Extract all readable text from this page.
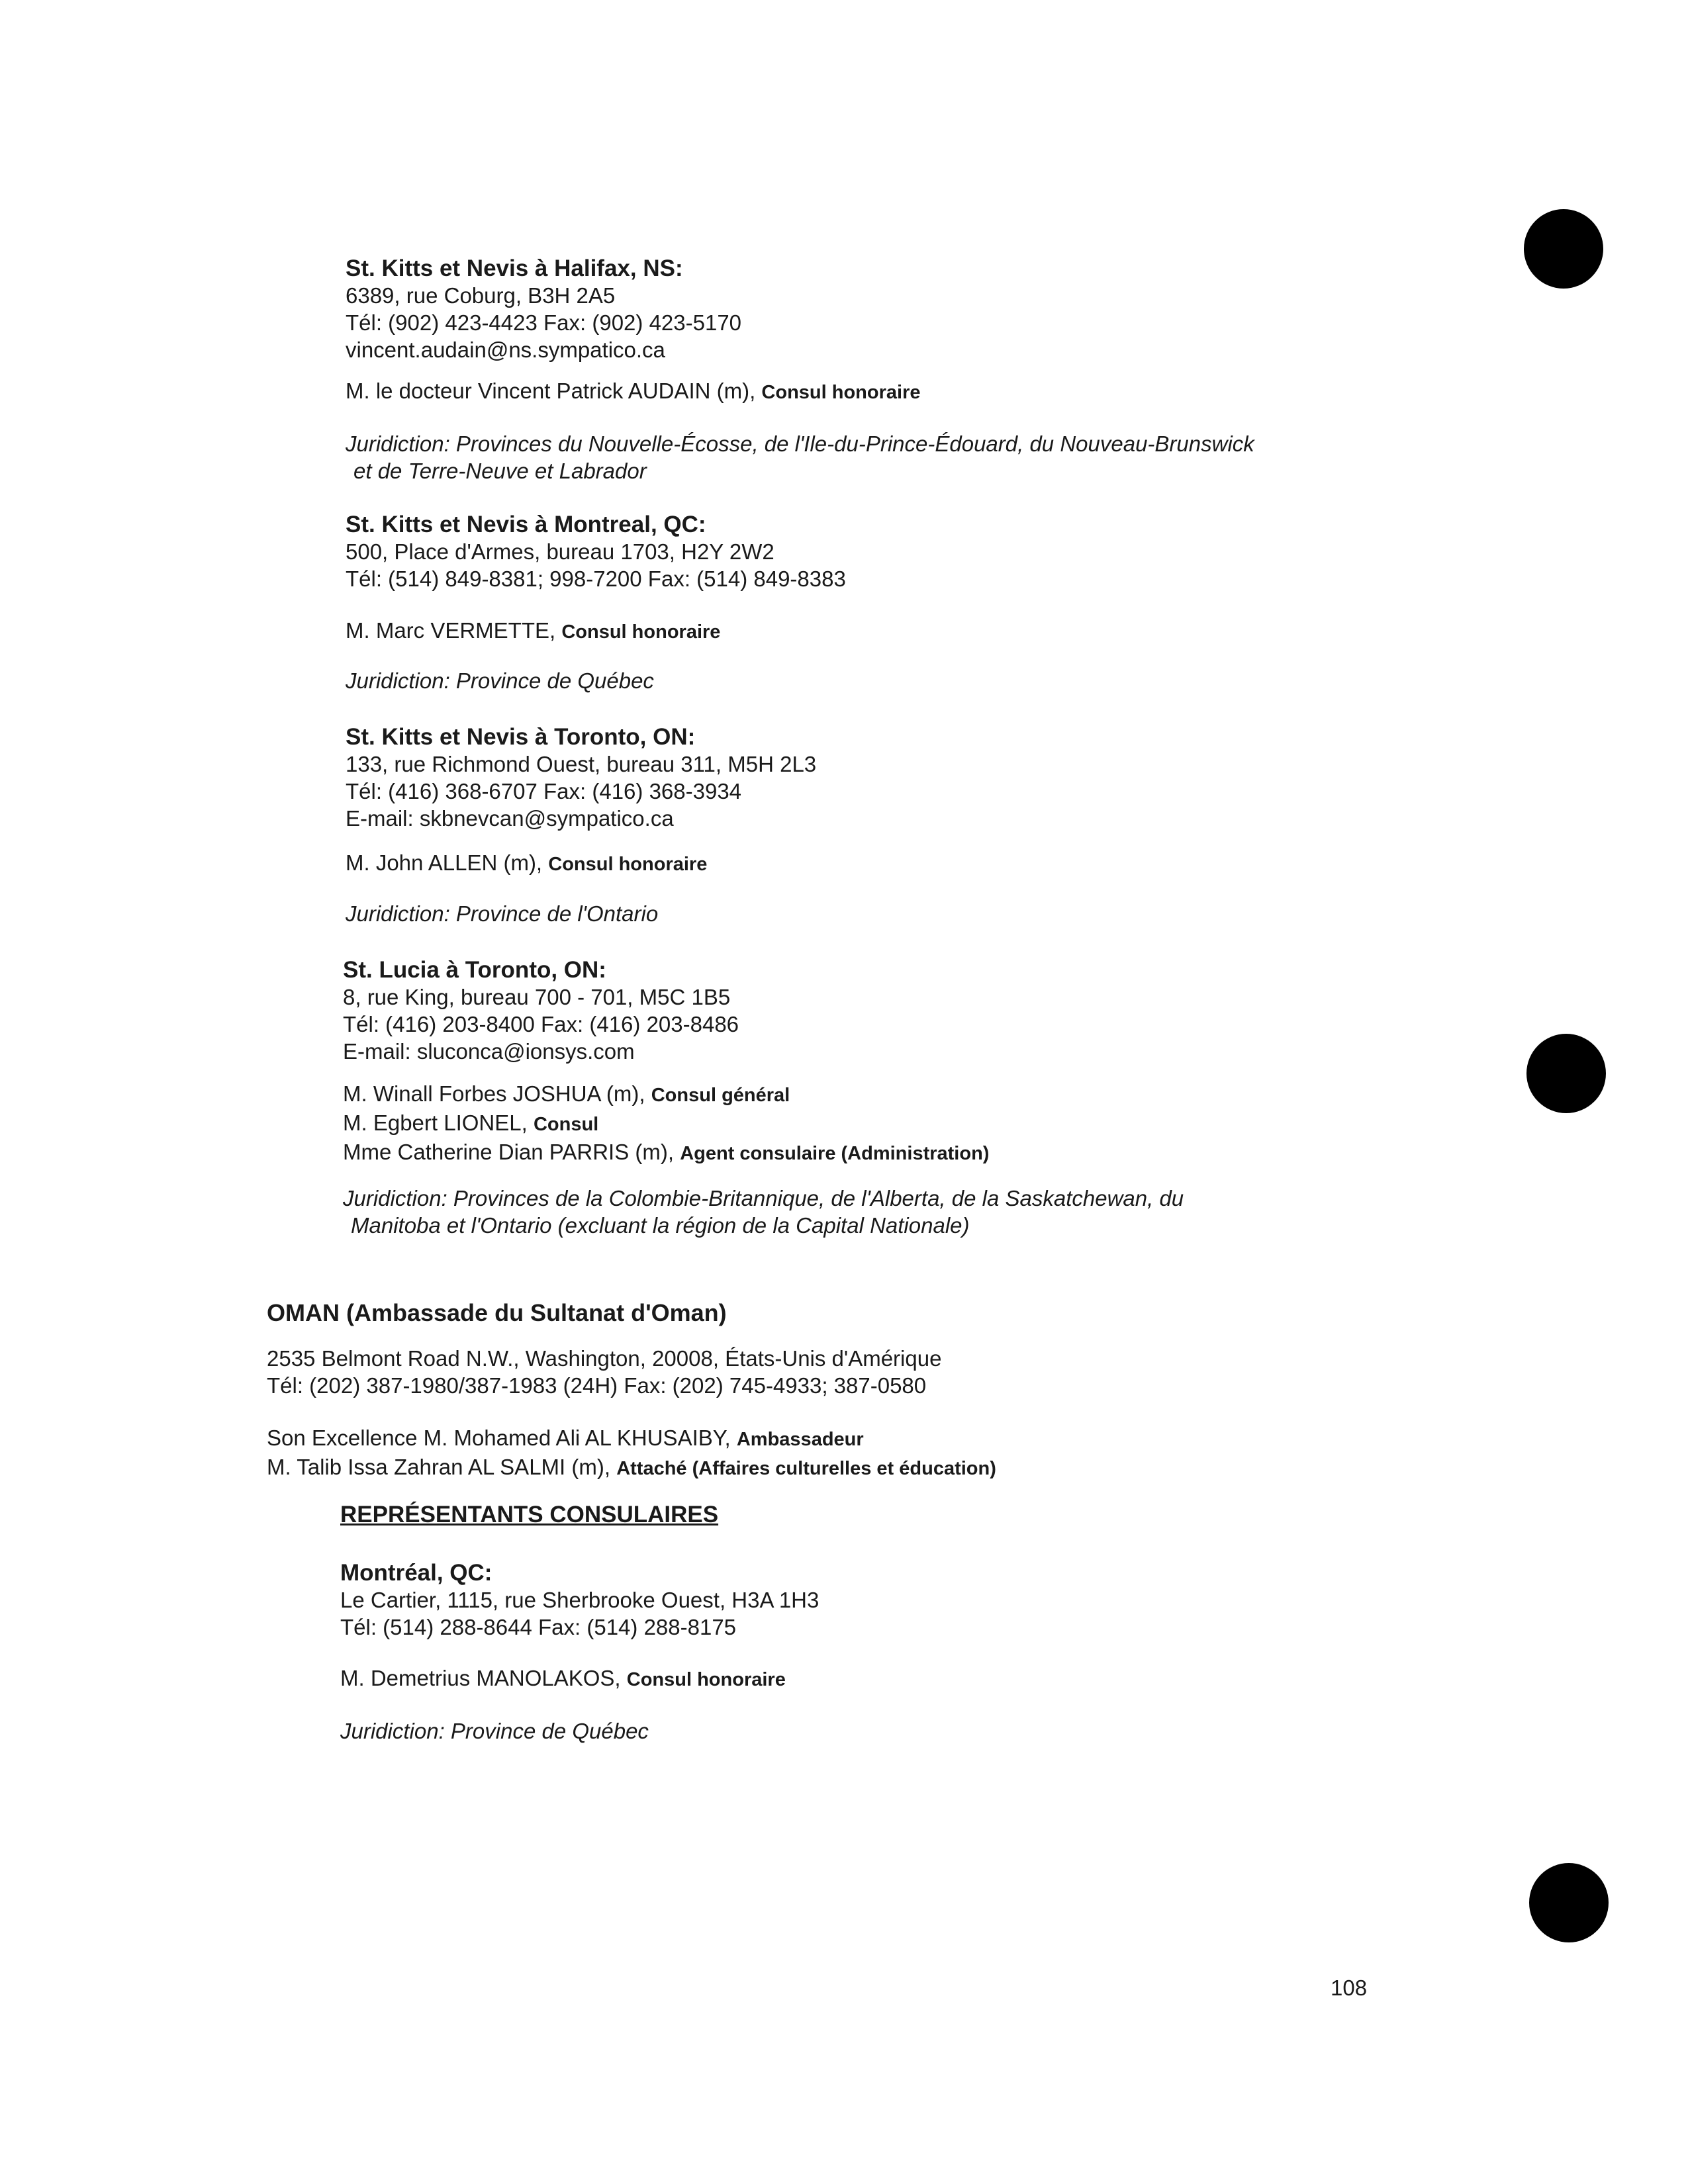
St. Kitts et Nevis à Halifax, NS:
6389, rue Coburg, B3H 2A5
Tél: (902) 423-4423 Fax: (902) 423-5170
vincent.audain@ns.sympatico.ca
M. le docteur Vincent Patrick AUDAIN (m), Consul honoraire
Juridiction: Provinces du Nouvelle-Écosse, de l'Ile-du-Prince-Édouard, du Nouveau-Brunswick
et de Terre-Neuve et Labrador
St. Kitts et Nevis à Montreal, QC:
500, Place d'Armes, bureau 1703, H2Y 2W2
Tél: (514) 849-8381; 998-7200 Fax: (514) 849-8383
M. Marc VERMETTE, Consul honoraire
Juridiction: Province de Québec
St. Kitts et Nevis à Toronto, ON:
133, rue Richmond Ouest, bureau 311, M5H 2L3
Tél: (416) 368-6707 Fax: (416) 368-3934
E-mail: skbnevcan@sympatico.ca
M. John ALLEN (m), Consul honoraire
Juridiction: Province de l'Ontario
St. Lucia à Toronto, ON:
8, rue King, bureau 700 - 701, M5C 1B5
Tél: (416) 203-8400 Fax: (416) 203-8486
E-mail: sluconca@ionsys.com
M. Winall Forbes JOSHUA (m), Consul général
M. Egbert LIONEL, Consul
Mme Catherine Dian PARRIS (m), Agent consulaire (Administration)
Juridiction: Provinces de la Colombie-Britannique, de l'Alberta, de la Saskatchewan, du
Manitoba et l'Ontario (excluant la région de la Capital Nationale)
OMAN (Ambassade du Sultanat d'Oman)
2535 Belmont Road N.W., Washington, 20008, États-Unis d'Amérique
Tél: (202) 387-1980/387-1983 (24H) Fax: (202) 745-4933; 387-0580
Son Excellence M. Mohamed Ali AL KHUSAIBY, Ambassadeur
M. Talib Issa Zahran AL SALMI (m), Attaché (Affaires culturelles et éducation)
REPRÉSENTANTS CONSULAIRES
Montréal, QC:
Le Cartier, 1115, rue Sherbrooke Ouest, H3A 1H3
Tél: (514) 288-8644 Fax: (514) 288-8175
M. Demetrius MANOLAKOS, Consul honoraire
Juridiction: Province de Québec
108
